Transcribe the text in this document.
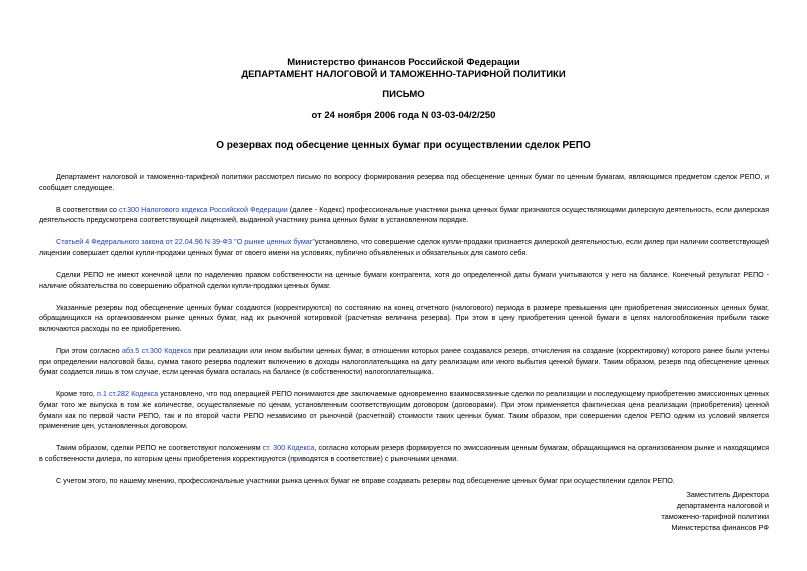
Министерство финансов Российской Федерации
ДЕПАРТАМЕНТ НАЛОГОВОЙ И ТАМОЖЕННО-ТАРИФНОЙ ПОЛИТИКИ
ПИСЬМО
от 24 ноября 2006 года N 03-03-04/2/250
О резервах под обесцение ценных бумаг при осуществлении сделок РЕПО

Департамент налоговой и таможенно-тарифной политики рассмотрел письмо по вопросу формирования резерва под обесценение ценных бумаг по ценным бумагам, являющимся предметом сделок РЕПО, и сообщает следующее.

В соответствии со ст.300 Налогового кодекса Российской Федерации (далее - Кодекс) профессиональные участники рынка ценных бумаг признаются осуществляющими дилерскую деятельность, если дилерская деятельность предусмотрена соответствующей лицензией, выданной участнику рынка ценных бумаг в установленном порядке.

Статьей 4 Федерального закона от 22.04.96 N 39-ФЗ "О рынке ценных бумаг"установлено, что совершение сделок купли-продажи признается дилерской деятельностью, если дилер при наличии соответствующей лицензии совершает сделки купли-продажи ценных бумаг от своего имени на условиях, публично объявленных и обязательных для самого себя.

Сделки РЕПО не имеют конечной цели по наделению правом собственности на ценные бумаги контрагента, хотя до определенной даты бумаги учитываются у него на балансе. Конечный результат РЕПО - наличие обязательства по совершению обратной сделки купли-продажи ценных бумаг.

Указанные резервы под обесценение ценных бумаг создаются (корректируются) по состоянию на конец отчетного (налогового) периода в размере превышения цен приобретения эмиссионных ценных бумаг, обращающихся на организованном рынке ценных бумаг, над их рыночной котировкой (расчетная величина резерва). При этом в цену приобретения ценной бумаги в целях налогообложения прибыли также включаются расходы по ее приобретению.

При этом согласно абз.5 ст.300 Кодекса при реализации или ином выбытии ценных бумаг, в отношении которых ранее создавался резерв, отчисления на создание (корректировку) которого ранее были учтены при определении налоговой базы, сумма такого резерва подлежит включению в доходы налогоплательщика на дату реализации или иного выбытия ценной бумаги. Таким образом, резерв под обесценение ценных бумаг создается лишь в том случае, если ценная бумага осталась на балансе (в собственности) налогоплательщика.

Кроме того, п.1 ст.282 Кодекса установлено, что под операцией РЕПО понимаются две заключаемые одновременно взаимосвязанные сделки по реализации и последующему приобретению эмиссионных ценных бумаг того же выпуска в том же количестве, осуществляемые по ценам, установленным соответствующим договором (договорами). При этом применяется фактическая цена реализации (приобретения) ценной бумаги как по первой части РЕПО, так и по второй части РЕПО независимо от рыночной (расчетной) стоимости таких ценных бумаг. Таким образом, при совершении сделок РЕПО одним из условий является применение цен, установленных договором.

Таким образом, сделки РЕПО не соответствуют положениям ст. 300 Кодекса, согласно которым резерв формируется по эмиссионным ценным бумагам, обращающимся на организованном рынке и находящимся в собственности дилера, по которым цены приобретения корректируются (приводятся в соответствие) с рыночными ценами.

С учетом этого, по нашему мнению, профессиональные участники рынка ценных бумаг не вправе создавать резервы под обесценение ценных бумаг при осуществлении сделок РЕПО.

Заместитель Директора
департамента налоговой и
таможенно-тарифной политики
Министерства финансов РФ
